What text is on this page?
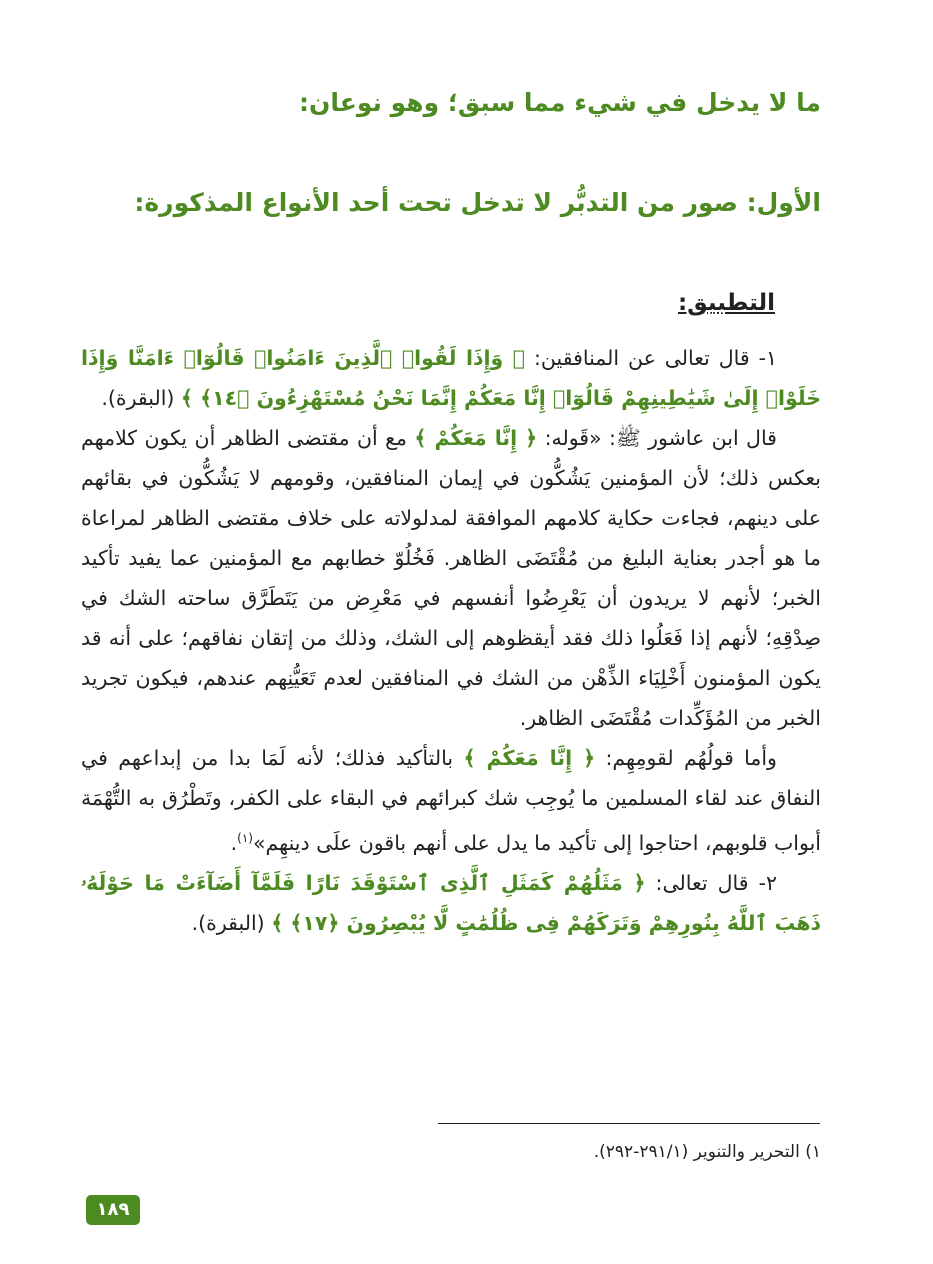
ما لا يدخل في شيء مما سبق؛ وهو نوعان:
الأول: صور من التدبُّر لا تدخل تحت أحد الأنواع المذكورة:
التطبيق:

١- قال تعالى عن المنافقين: ﴿ وَإِذَا لَقُوا۟ ٱلَّذِينَ ءَامَنُوا۟ قَالُوٓا۟ ءَامَنَّا وَإِذَا خَلَوْا۟ إِلَىٰ شَيَٰطِينِهِمْ قَالُوٓا۟ إِنَّا مَعَكُمْ إِنَّمَا نَحْنُ مُسْتَهْزِءُونَ ﴿١٤﴾ ﴾ (البقرة).

قال ابن عاشور ﷺ: «قَوله: ﴿ إِنَّا مَعَكُمْ ﴾ مع أن مقتضى الظاهر أن يكون كلامهم بعكس ذلك؛ لأن المؤمنين يَشُكُّون في إيمان المنافقين، وقومهم لا يَشُكُّون في بقائهم على دينهم، فجاءت حكاية كلامهم الموافقة لمدلولاته على خلاف مقتضى الظاهر لمراعاة ما هو أجدر بعناية البليغ من مُقْتَضَى الظاهر. فَخُلُوّ خطابهم مع المؤمنين عما يفيد تأكيد الخبر؛ لأنهم لا يريدون أن يَعْرِضُوا أنفسهم في مَعْرِض من يَتَطَرَّق ساحته الشك في صِدْقِهِ؛ لأنهم إذا فَعَلُوا ذلك فقد أيقظوهم إلى الشك، وذلك من إتقان نفاقهم؛ على أنه قد يكون المؤمنون أَخْلِيَاء الذِّهْن من الشك في المنافقين لعدم تَعَيُّنِهم عندهم، فيكون تجريد الخبر من المُؤَكِّدات مُقْتَضَى الظاهر.

وأما قولُهُم لقومِهِم: ﴿ إِنَّا مَعَكُمْ ﴾ بالتأكيد فذلك؛ لأنه لَمَا بدا من إبداعهم في النفاق عند لقاء المسلمين ما يُوجِب شك كبرائهم في البقاء على الكفر، وتَطْرُق به التُّهْمَة أبواب قلوبهم، احتاجوا إلى تأكيد ما يدل على أنهم باقون علَى دينهِم»$^{(١)}$.

٢- قال تعالى: ﴿ مَثَلُهُمْ كَمَثَلِ ٱلَّذِى ٱسْتَوْقَدَ نَارًا فَلَمَّآ أَضَآءَتْ مَا حَوْلَهُۥ ذَهَبَ ٱللَّهُ بِنُورِهِمْ وَتَرَكَهُمْ فِى ظُلُمَٰتٍ لَّا يُبْصِرُونَ ﴿١٧﴾ ﴾ (البقرة).

١) التحرير والتنوير (٢٩١/١-٢٩٢).
١٨٩
